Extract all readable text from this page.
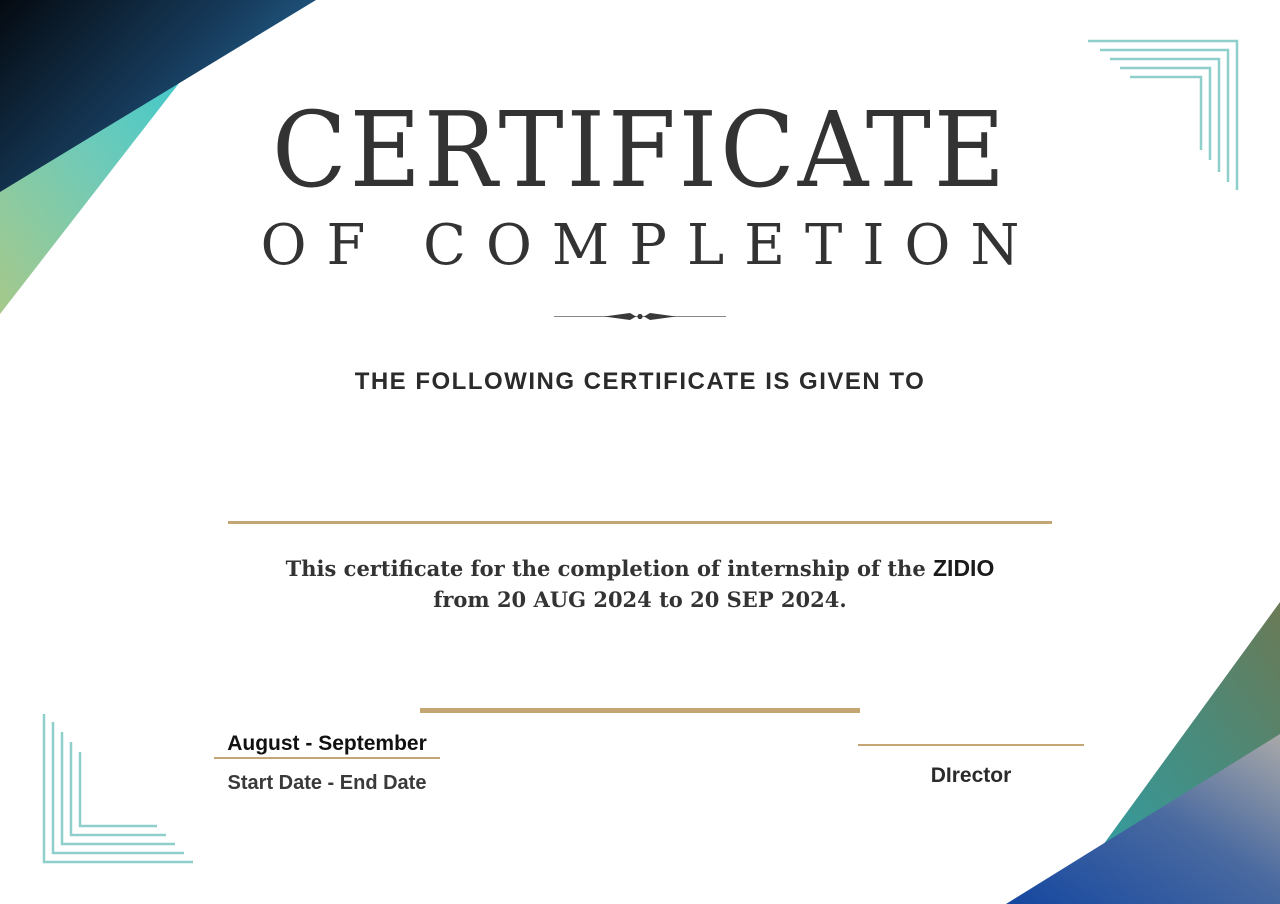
CERTIFICATE
OF COMPLETION
THE FOLLOWING CERTIFICATE IS GIVEN TO
This certificate for the completion of internship of the ZIDIO
from 20 AUG 2024 to 20 SEP 2024.
August - September
Start Date - End Date	DIrector
